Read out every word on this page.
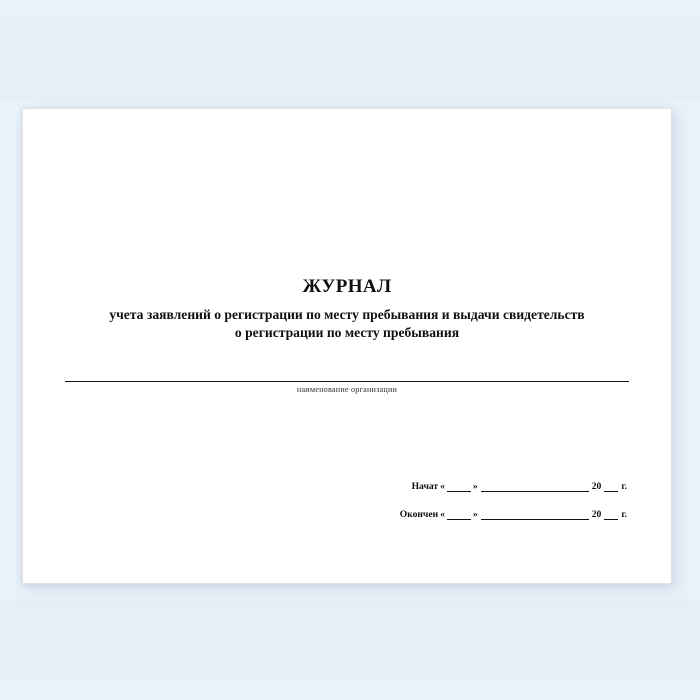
ЖУРНАЛ
учета заявлений о регистрации по месту пребывания и выдачи свидетельств
о регистрации по месту пребывания
наименование организации
Начат «	»	20 г.
Окончен «	»	20 г.
